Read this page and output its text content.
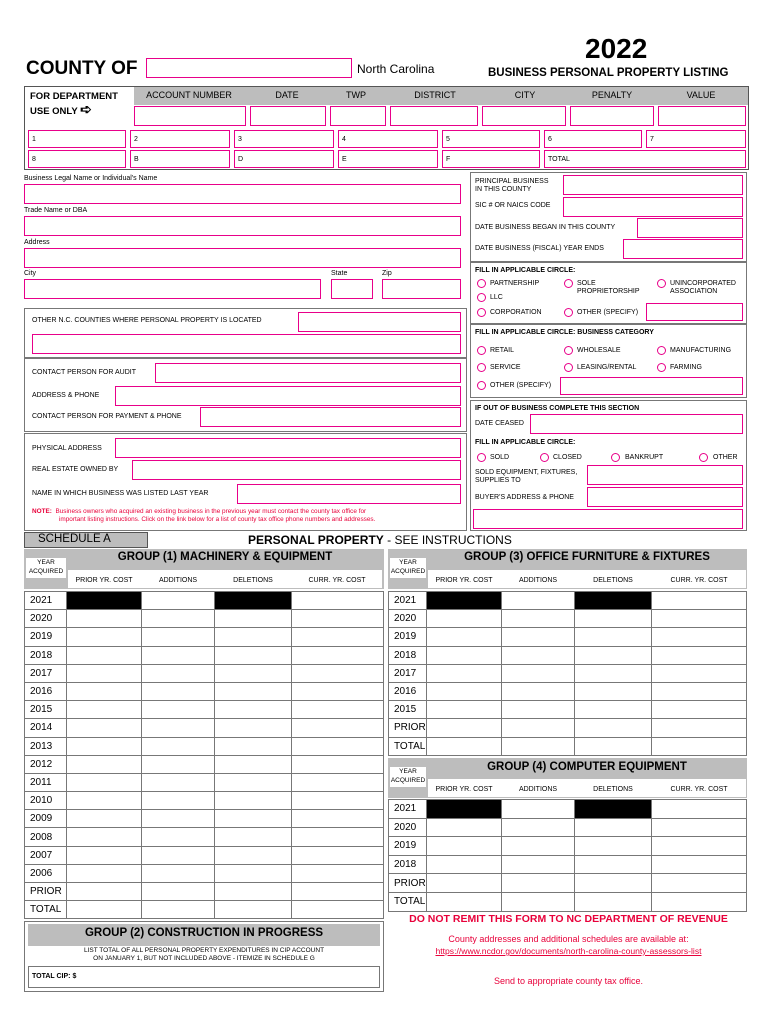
2022
COUNTY OF	North Carolina	BUSINESS PERSONAL PROPERTY LISTING
FOR DEPARTMENT
USE ONLY ➪
ACCOUNT NUMBER	DATE	TWP	DISTRICT	CITY	PENALTY	VALUE
1	2	3	4	5	6	7
8	B	D	E	F	TOTAL
Business Legal Name or Individual's Name
Trade Name or DBA
Address
City	State	Zip
OTHER N.C. COUNTIES WHERE PERSONAL PROPERTY IS LOCATED
CONTACT PERSON FOR AUDIT
ADDRESS & PHONE
CONTACT PERSON FOR PAYMENT & PHONE
PHYSICAL ADDRESS
REAL ESTATE OWNED BY
NAME IN WHICH BUSINESS WAS LISTED LAST YEAR
NOTE: Business owners who acquired an existing business in the previous year must contact the county tax office for
important listing instructions. Click on the link below for a list of county tax office phone numbers and addresses.
PRINCIPAL BUSINESS
IN THIS COUNTY
SIC # OR NAICS CODE
DATE BUSINESS BEGAN IN THIS COUNTY
DATE BUSINESS (FISCAL) YEAR ENDS
FILL IN APPLICABLE CIRCLE:
PARTNERSHIP	SOLE
PROPRIETORSHIP
UNINCORPORATED
ASSOCIATION
LLC
CORPORATION	OTHER (SPECIFY)
FILL IN APPLICABLE CIRCLE: BUSINESS CATEGORY
RETAIL	WHOLESALE	MANUFACTURING
SERVICE	LEASING/RENTAL	FARMING
OTHER (SPECIFY)
IF OUT OF BUSINESS COMPLETE THIS SECTION
DATE CEASED
FILL IN APPLICABLE CIRCLE:
SOLD	CLOSED	BANKRUPT	OTHER
SOLD EQUIPMENT, FIXTURES,
SUPPLIES TO
BUYER'S ADDRESS & PHONE
SCHEDULE A	PERSONAL PROPERTY - SEE INSTRUCTIONS
YEAR
ACQUIRED
GROUP (1) MACHINERY & EQUIPMENT
PRIOR YR. COST	ADDITIONS	DELETIONS	CURR. YR. COST
2021				
2020				
2019				
2018				
2017				
2016				
2015				
2014				
2013				
2012				
2011				
2010				
2009				
2008				
2007				
2006				
PRIOR				
TOTAL				
GROUP (2) CONSTRUCTION IN PROGRESS
LIST TOTAL OF ALL PERSONAL PROPERTY EXPENDITURES IN CIP ACCOUNT
ON JANUARY 1, BUT NOT INCLUDED ABOVE - ITEMIZE IN SCHEDULE G
TOTAL CIP: $
YEAR
ACQUIRED
GROUP (3) OFFICE FURNITURE & FIXTURES
PRIOR YR. COST	ADDITIONS	DELETIONS	CURR. YR. COST
2021				
2020				
2019				
2018				
2017				
2016				
2015				
PRIOR				
TOTAL				
YEAR
ACQUIRED
GROUP (4) COMPUTER EQUIPMENT
PRIOR YR. COST	ADDITIONS	DELETIONS	CURR. YR. COST
2021				
2020				
2019				
2018				
PRIOR				
TOTAL				
DO NOT REMIT THIS FORM TO NC DEPARTMENT OF REVENUE
County addresses and additional schedules are available at:
https://www.ncdor.gov/documents/north-carolina-county-assessors-list
Send to appropriate county tax office.
